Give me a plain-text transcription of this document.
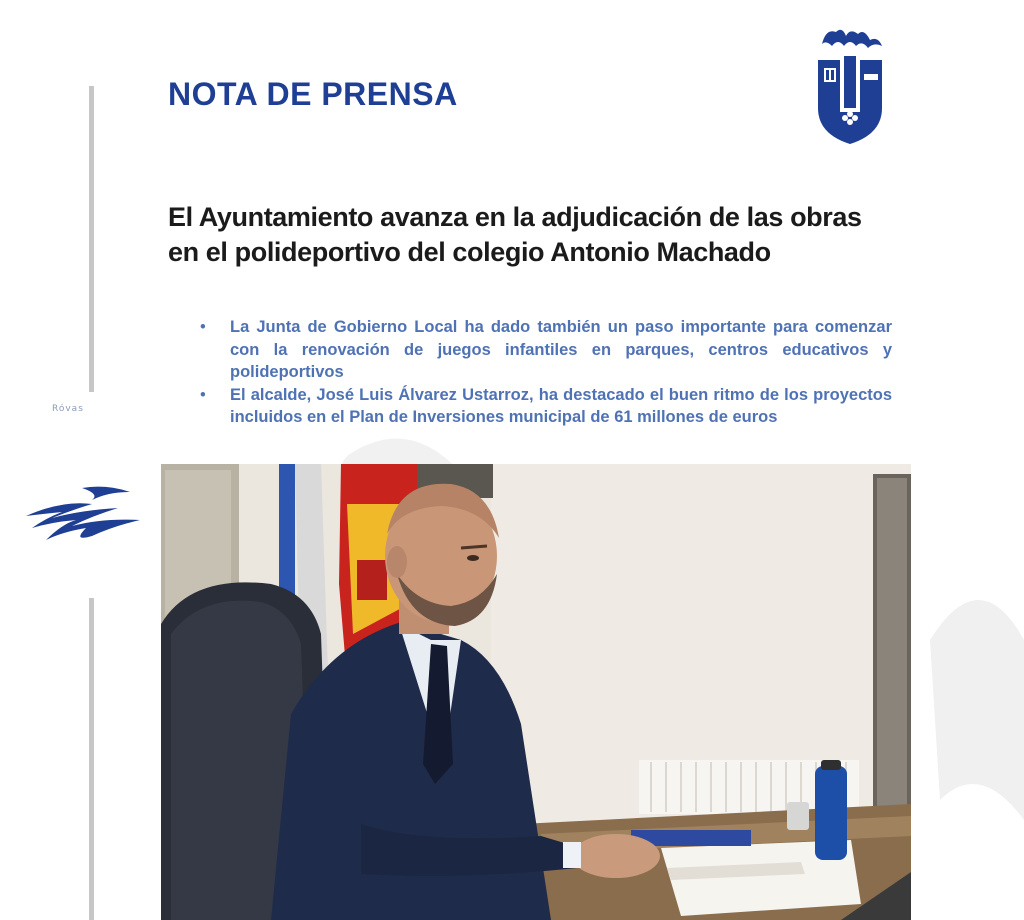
Róvas
NOTA DE PRENSA
El Ayuntamiento avanza en la adjudicación de las obras
en el polideportivo del colegio Antonio Machado
• La Junta de Gobierno Local ha dado también un paso importante para comenzar con la renovación de juegos infantiles en parques, centros educativos y polideportivos
• El alcalde, José Luis Álvarez Ustarroz, ha destacado el buen ritmo de los proyectos incluidos en el Plan de Inversiones municipal de 61 millones de euros
